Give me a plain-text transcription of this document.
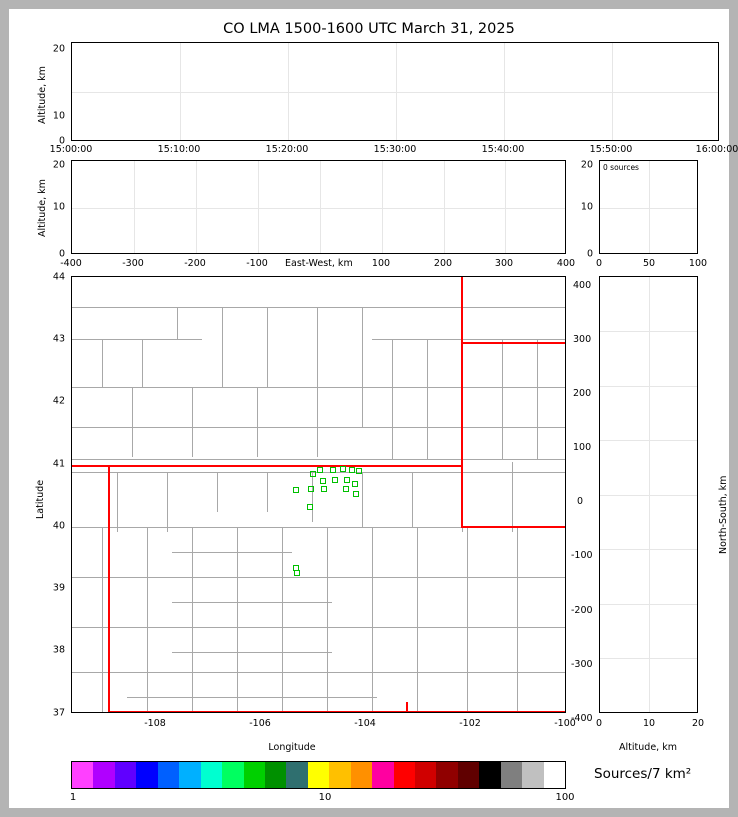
CO LMA 1500-1600 UTC March 31, 2025
Altitude, km
0
10
20
15:00:00	15:10:00	15:20:00	15:30:00	15:40:00	15:50:00	16:00:00
Altitude, km
0
10
20
-400	-300	-200	-100	100	200	300	400
East-West, km
0 sources
0
10
20
0	50	100
Latitude
Longitude
37
38
39
40
41
42
43
44
-108	-106	-104	-102	-100
-400
-300
-200
-100
0
100
200
300
400
North-South, km
Altitude, km
0	10	20
1	10	100
Sources/7 km²
